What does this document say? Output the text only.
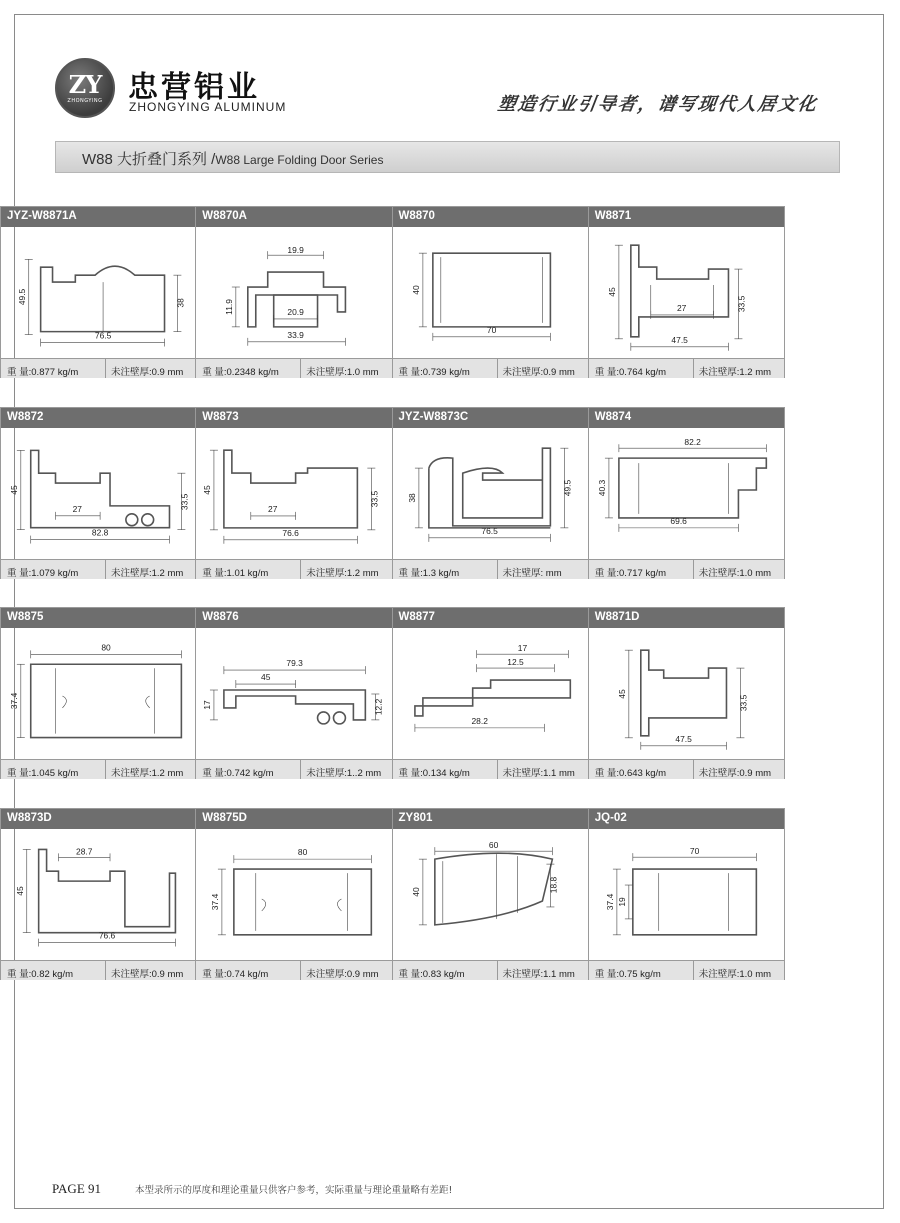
ZY
ZHONGYING 忠营铝业
ZHONGYING ALUMINUM	塑造行业引导者，谱写现代人居文化
W88 大折叠门系列 /W88 Large Folding Door Series
JYZ-W8871A
49.5	38
76.5
重 量:0.877 kg/m	未注壁厚:0.9 mm
W8870A
19.9
11.9	20.9
33.9
重 量:0.2348 kg/m	未注壁厚:1.0 mm
W8870
40
70
重 量:0.739 kg/m	未注壁厚:0.9 mm
W8871
45
27	33.5
47.5
重 量:0.764 kg/m	未注壁厚:1.2 mm
W8872
45
27	33.5
82.8
重 量:1.079 kg/m	未注壁厚:1.2 mm
W8873
45
27
33.5
76.6
重 量:1.01 kg/m	未注壁厚:1.2 mm
JYZ-W8873C
38
49.5
76.5
重 量:1.3 kg/m	未注壁厚: mm
W8874
82.2
40.3
69.6
重 量:0.717 kg/m	未注壁厚:1.0 mm
W8875
80
37.4
重 量:1.045 kg/m	未注壁厚:1.2 mm
W8876
79.3
45
17	12.2
重 量:0.742 kg/m	未注壁厚:1..2 mm
W8877
17
12.5
28.2
重 量:0.134 kg/m	未注壁厚:1.1 mm
W8871D
45
33.5
47.5
重 量:0.643 kg/m	未注壁厚:0.9 mm
W8873D
28.7
45
76.6
重 量:0.82 kg/m	未注壁厚:0.9 mm
W8875D
80
37.4
重 量:0.74 kg/m	未注壁厚:0.9 mm
ZY801
60
40	18.8
重 量:0.83 kg/m	未注壁厚:1.1 mm
JQ-02
70
37.4 19
重 量:0.75 kg/m	未注壁厚:1.0 mm
PAGE 91	本型录所示的厚度和理论重量只供客户参考，实际重量与理论重量略有差距!
